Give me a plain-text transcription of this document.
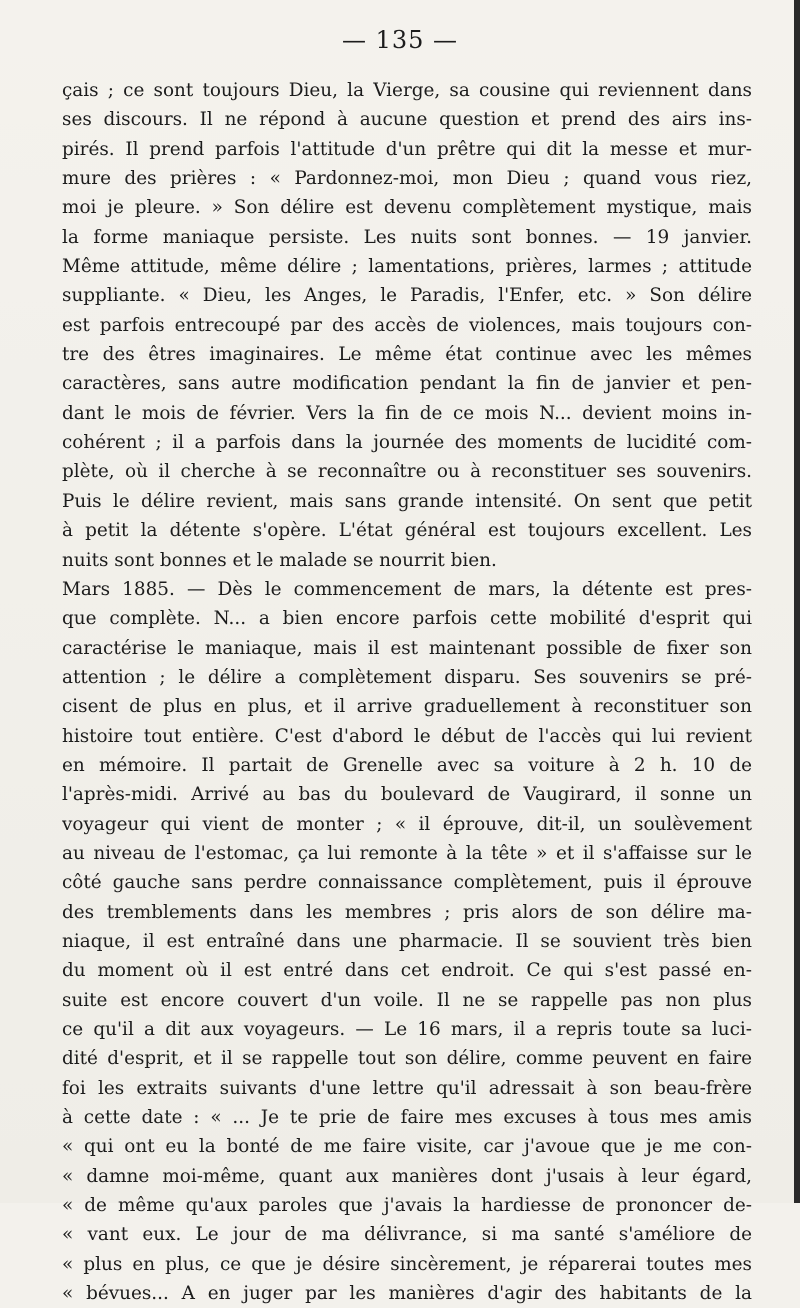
— 135 —
çais ; ce sont toujours Dieu, la Vierge, sa cousine qui reviennent dans
ses discours. Il ne répond à aucune question et prend des airs ins-
pirés. Il prend parfois l'attitude d'un prêtre qui dit la messe et mur-
mure des prières : « Pardonnez-moi, mon Dieu ; quand vous riez,
moi je pleure. » Son délire est devenu complètement mystique, mais
la forme maniaque persiste. Les nuits sont bonnes. — 19 janvier.
Même attitude, même délire ; lamentations, prières, larmes ; attitude
suppliante. « Dieu, les Anges, le Paradis, l'Enfer, etc. » Son délire
est parfois entrecoupé par des accès de violences, mais toujours con-
tre des êtres imaginaires. Le même état continue avec les mêmes
caractères, sans autre modification pendant la fin de janvier et pen-
dant le mois de février. Vers la fin de ce mois N... devient moins in-
cohérent ; il a parfois dans la journée des moments de lucidité com-
plète, où il cherche à se reconnaître ou à reconstituer ses souvenirs.
Puis le délire revient, mais sans grande intensité. On sent que petit
à petit la détente s'opère. L'état général est toujours excellent. Les
nuits sont bonnes et le malade se nourrit bien.
Mars 1885. — Dès le commencement de mars, la détente est pres-
que complète. N... a bien encore parfois cette mobilité d'esprit qui
caractérise le maniaque, mais il est maintenant possible de fixer son
attention ; le délire a complètement disparu. Ses souvenirs se pré-
cisent de plus en plus, et il arrive graduellement à reconstituer son
histoire tout entière. C'est d'abord le début de l'accès qui lui revient
en mémoire. Il partait de Grenelle avec sa voiture à 2 h. 10 de
l'après-midi. Arrivé au bas du boulevard de Vaugirard, il sonne un
voyageur qui vient de monter ; « il éprouve, dit-il, un soulèvement
au niveau de l'estomac, ça lui remonte à la tête » et il s'affaisse sur le
côté gauche sans perdre connaissance complètement, puis il éprouve
des tremblements dans les membres ; pris alors de son délire ma-
niaque, il est entraîné dans une pharmacie. Il se souvient très bien
du moment où il est entré dans cet endroit. Ce qui s'est passé en-
suite est encore couvert d'un voile. Il ne se rappelle pas non plus
ce qu'il a dit aux voyageurs. — Le 16 mars, il a repris toute sa luci-
dité d'esprit, et il se rappelle tout son délire, comme peuvent en faire
foi les extraits suivants d'une lettre qu'il adressait à son beau-frère
à cette date : « ... Je te prie de faire mes excuses à tous mes amis
« qui ont eu la bonté de me faire visite, car j'avoue que je me con-
« damne moi-même, quant aux manières dont j'usais à leur égard,
« de même qu'aux paroles que j'avais la hardiesse de prononcer de-
« vant eux. Le jour de ma délivrance, si ma santé s'améliore de
« plus en plus, ce que je désire sincèrement, je réparerai toutes mes
« bévues... A en juger par les manières d'agir des habitants de la
